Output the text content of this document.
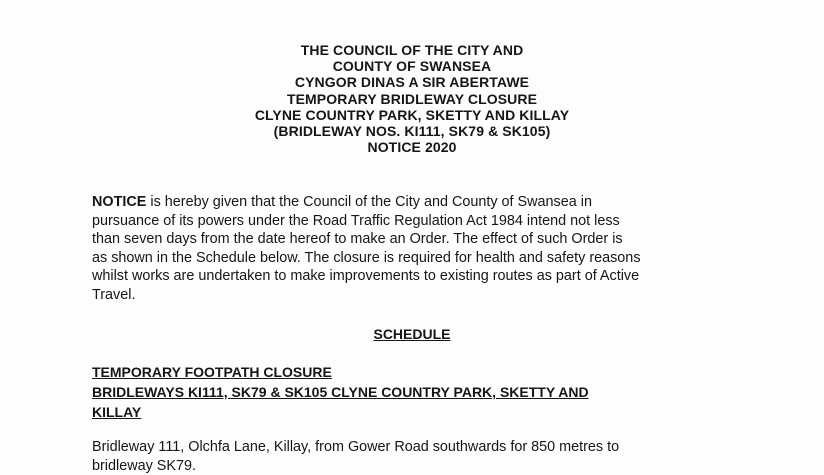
THE COUNCIL OF THE CITY AND
COUNTY OF SWANSEA
CYNGOR DINAS A SIR ABERTAWE
TEMPORARY BRIDLEWAY CLOSURE
CLYNE COUNTRY PARK, SKETTY AND KILLAY
(BRIDLEWAY NOS. KI111, SK79 & SK105)
NOTICE 2020
NOTICE is hereby given that the Council of the City and County of Swansea in
pursuance of its powers under the Road Traffic Regulation Act 1984 intend not less
than seven days from the date hereof to make an Order. The effect of such Order is
as shown in the Schedule below. The closure is required for health and safety reasons
whilst works are undertaken to make improvements to existing routes as part of Active
Travel.
SCHEDULE
TEMPORARY FOOTPATH CLOSURE
BRIDLEWAYS KI111, SK79 & SK105 CLYNE COUNTRY PARK, SKETTY AND
KILLAY
Bridleway 111, Olchfa Lane, Killay, from Gower Road southwards for 850 metres to
bridleway SK79.
